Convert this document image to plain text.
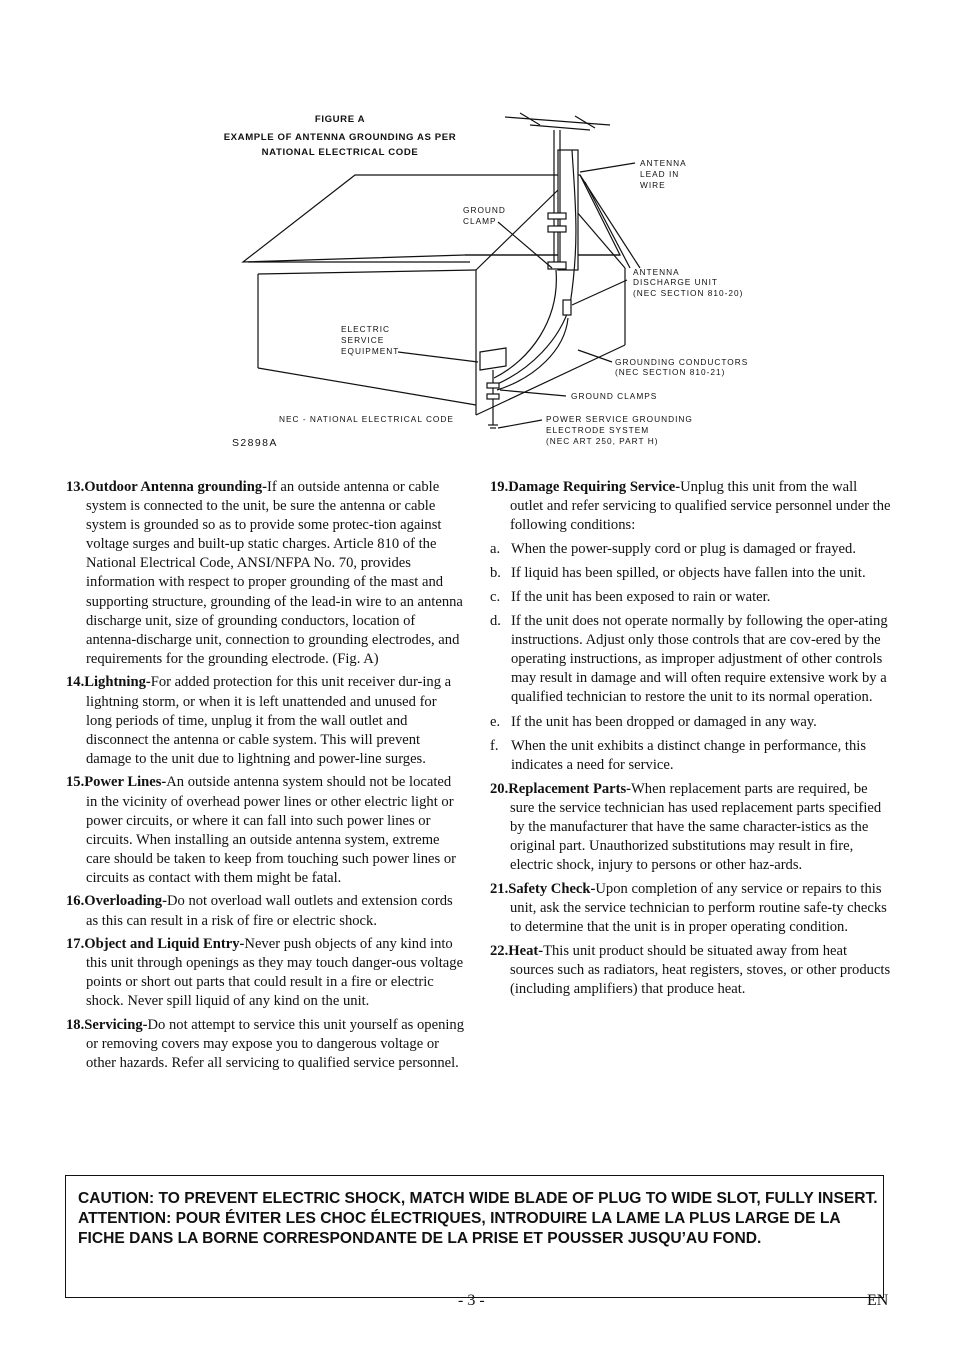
FIGURE A
EXAMPLE OF ANTENNA GROUNDING AS PER
NATIONAL ELECTRICAL CODE
ANTENNA
LEAD IN
WIRE
GROUND
CLAMP
ANTENNA
DISCHARGE UNIT
(NEC SECTION 810-20)
ELECTRIC
SERVICE
EQUIPMENT
GROUNDING CONDUCTORS
(NEC SECTION 810-21)
GROUND CLAMPS
NEC - NATIONAL ELECTRICAL CODE	POWER SERVICE GROUNDING
ELECTRODE SYSTEM
(NEC ART 250, PART H)
S2898A

13.Outdoor Antenna grounding-If an outside antenna or cable system is connected to the unit, be sure the antenna or cable system is grounded so as to provide some protec-tion against voltage surges and built-up static charges. Article 810 of the National Electrical Code, ANSI/NFPA No. 70, provides information with respect to proper grounding of the mast and supporting structure, grounding of the lead-in wire to an antenna discharge unit, size of grounding conductors, location of antenna-discharge unit, connection to grounding electrodes, and requirements for the grounding electrode. (Fig. A)

14.Lightning-For added protection for this unit receiver dur-ing a lightning storm, or when it is left unattended and unused for long periods of time, unplug it from the wall outlet and disconnect the antenna or cable system. This will prevent damage to the unit due to lightning and power-line surges.

15.Power Lines-An outside antenna system should not be located in the vicinity of overhead power lines or other electric light or power circuits, or where it can fall into such power lines or circuits. When installing an outside antenna system, extreme care should be taken to keep from touching such power lines or circuits as contact with them might be fatal.

16.Overloading-Do not overload wall outlets and extension cords as this can result in a risk of fire or electric shock.

17.Object and Liquid Entry-Never push objects of any kind into this unit through openings as they may touch danger-ous voltage points or short out parts that could result in a fire or electric shock. Never spill liquid of any kind on the unit.

18.Servicing-Do not attempt to service this unit yourself as opening or removing covers may expose you to dangerous voltage or other hazards. Refer all servicing to qualified service personnel.

19.Damage Requiring Service-Unplug this unit from the wall outlet and refer servicing to qualified service personnel under the following conditions:

a. When the power-supply cord or plug is damaged or frayed.

b. If liquid has been spilled, or objects have fallen into the unit.

c. If the unit has been exposed to rain or water.

d. If the unit does not operate normally by following the oper-ating instructions. Adjust only those controls that are cov-ered by the operating instructions, as improper adjustment of other controls may result in damage and will often require extensive work by a qualified technician to restore the unit to its normal operation.

e. If the unit has been dropped or damaged in any way.

f. When the unit exhibits a distinct change in performance, this indicates a need for service.

20.Replacement Parts-When replacement parts are required, be sure the service technician has used replacement parts specified by the manufacturer that have the same character-istics as the original part. Unauthorized substitutions may result in fire, electric shock, injury to persons or other haz-ards.

21.Safety Check-Upon completion of any service or repairs to this unit, ask the service technician to perform routine safe-ty checks to determine that the unit is in proper operating condition.

22.Heat-This unit product should be situated away from heat sources such as radiators, heat registers, stoves, or other products (including amplifiers) that produce heat.

CAUTION: TO PREVENT ELECTRIC SHOCK, MATCH WIDE BLADE OF PLUG TO WIDE SLOT, FULLY INSERT.

ATTENTION: POUR ÉVITER LES CHOC ÉLECTRIQUES, INTRODUIRE LA LAME LA PLUS LARGE DE LA FICHE DANS LA BORNE CORRESPONDANTE DE LA PRISE ET POUSSER JUSQU’AU FOND.

- 3 -	EN
